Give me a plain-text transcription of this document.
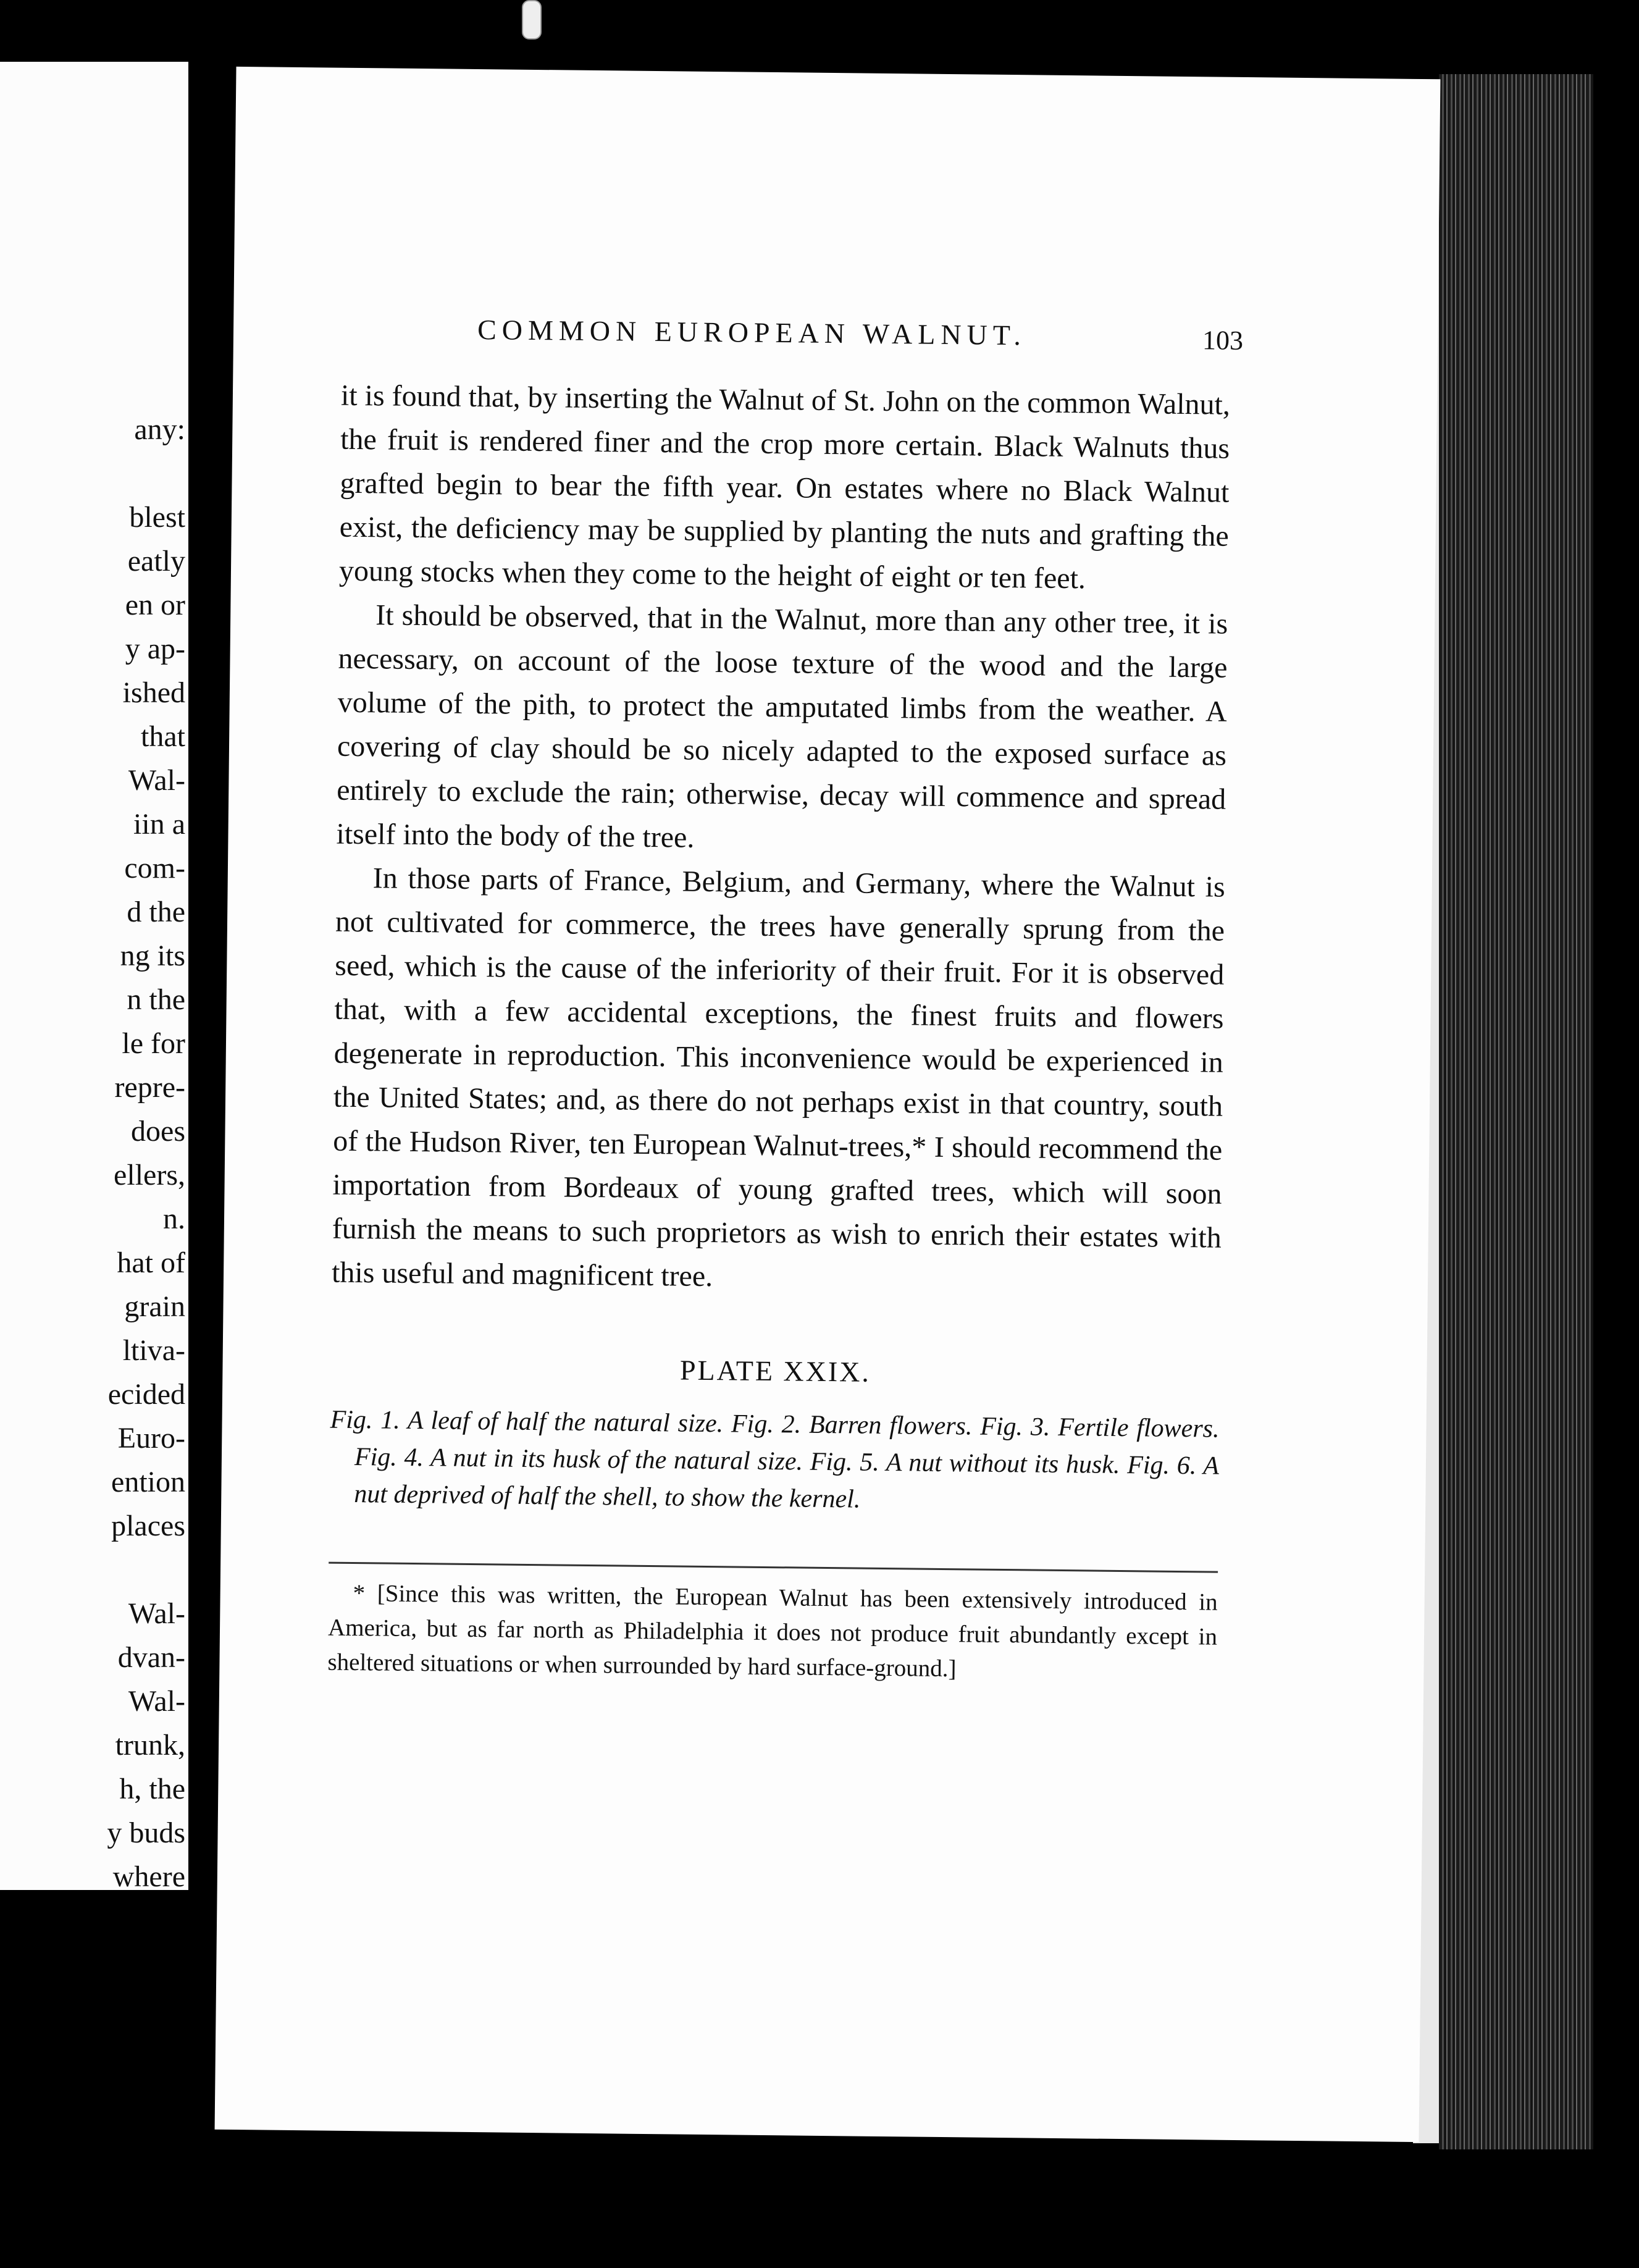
any:
blest
eatly
en or
y ap-
ished
that
Wal-
iin a
com-
d the
ng its
n the
le for
repre-
does
ellers,
n.
hat of
grain
ltiva-
ecided
Euro-
ention
places
Wal-
dvan-
Wal-
trunk,
h, the
y buds
where
COMMON EUROPEAN WALNUT.	103

it is found that, by inserting the Walnut of St. John on the common Walnut, the fruit is rendered finer and the crop more certain. Black Walnuts thus grafted begin to bear the fifth year. On estates where no Black Walnut exist, the deficiency may be supplied by planting the nuts and grafting the young stocks when they come to the height of eight or ten feet.

It should be observed, that in the Walnut, more than any other tree, it is necessary, on account of the loose texture of the wood and the large volume of the pith, to protect the amputated limbs from the weather. A covering of clay should be so nicely adapted to the exposed surface as entirely to exclude the rain; otherwise, decay will commence and spread itself into the body of the tree.

In those parts of France, Belgium, and Germany, where the Walnut is not cultivated for commerce, the trees have generally sprung from the seed, which is the cause of the inferiority of their fruit. For it is observed that, with a few accidental exceptions, the finest fruits and flowers degenerate in reproduction. This inconvenience would be experienced in the United States; and, as there do not perhaps exist in that country, south of the Hudson River, ten European Walnut-trees,* I should recommend the importation from Bordeaux of young grafted trees, which will soon furnish the means to such proprietors as wish to enrich their estates with this useful and magnificent tree.

PLATE XXIX.

Fig. 1. A leaf of half the natural size. Fig. 2. Barren flowers. Fig. 3. Fertile flowers. Fig. 4. A nut in its husk of the natural size. Fig. 5. A nut without its husk. Fig. 6. A nut deprived of half the shell, to show the kernel.

* [Since this was written, the European Walnut has been extensively introduced in America, but as far north as Philadelphia it does not produce fruit abundantly except in sheltered situations or when surrounded by hard surface-ground.]
